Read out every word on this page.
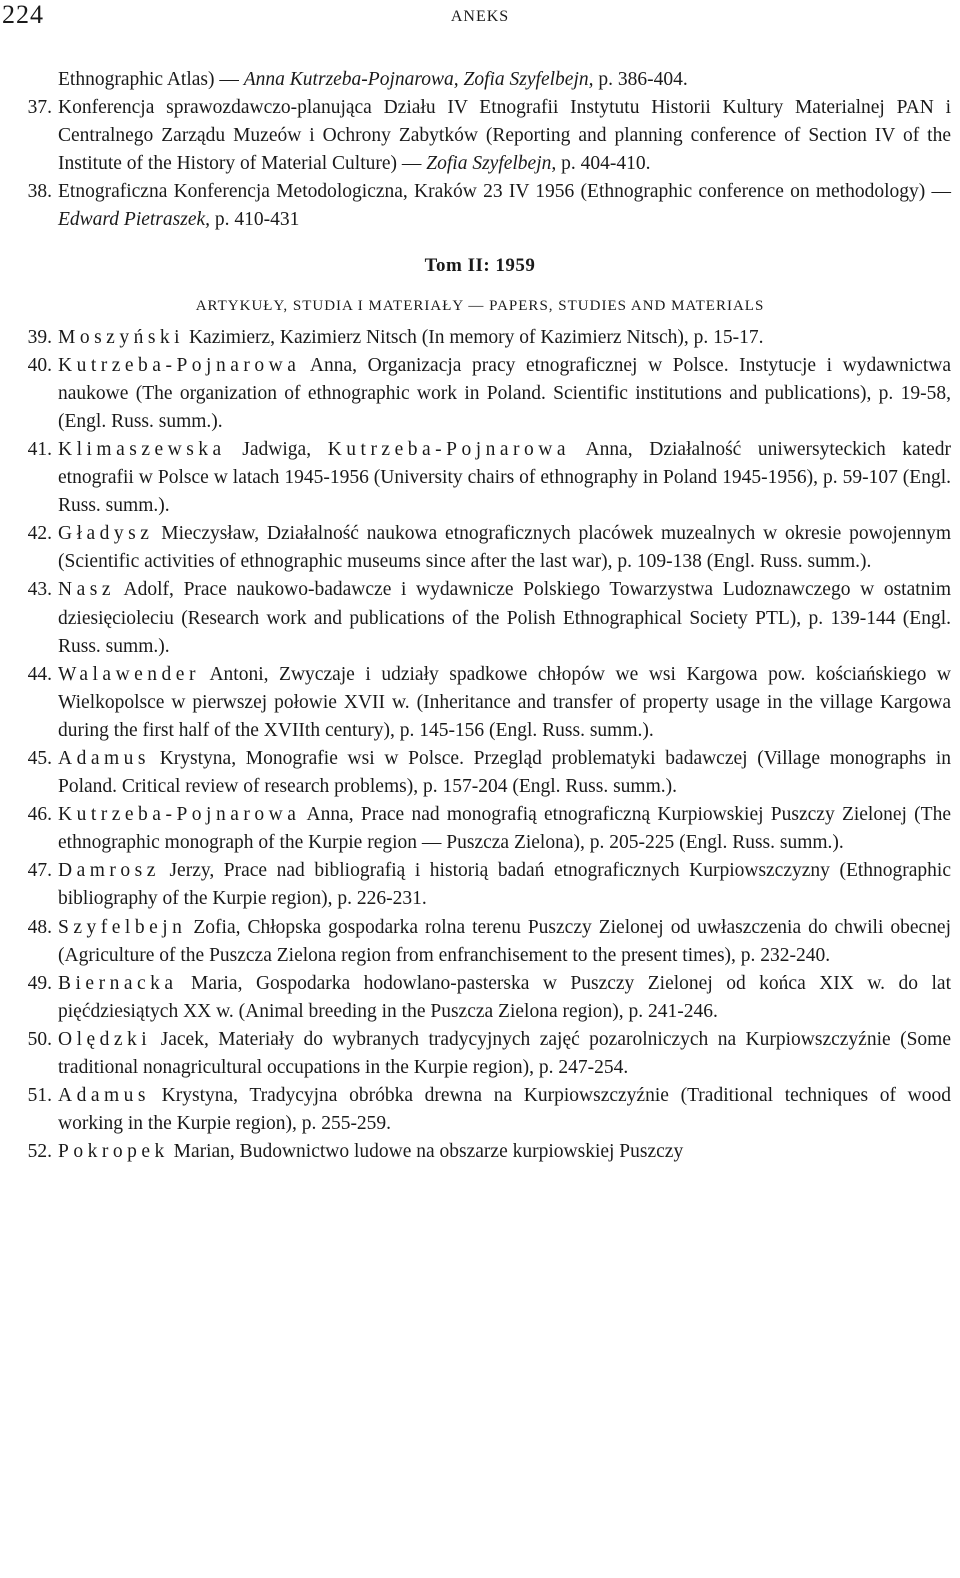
224	ANEKS
Ethnographic Atlas) — Anna Kutrzeba-Pojnarowa, Zofia Szyfelbejn, p. 386-404.
37. Konferencja sprawozdawczo-planująca Działu IV Etnografii Instytutu Historii Kultury Materialnej PAN i Centralnego Zarządu Muzeów i Ochrony Zabytków (Reporting and planning conference of Section IV of the Institute of the History of Material Culture) — Zofia Szyfelbejn, p. 404-410.
38. Etnograficzna Konferencja Metodologiczna, Kraków 23 IV 1956 (Ethnographic conference on methodology) — Edward Pietraszek, p. 410-431
Tom II: 1959
ARTYKUŁY, STUDIA I MATERIAŁY — PAPERS, STUDIES AND MATERIALS
39. Moszyński Kazimierz, Kazimierz Nitsch (In memory of Kazimierz Nitsch), p. 15-17.
40. Kutrzeba-Pojnarowa Anna, Organizacja pracy etnograficznej w Polsce. Instytucje i wydawnictwa naukowe (The organization of ethnographic work in Poland. Scientific institutions and publications), p. 19-58, (Engl. Russ. summ.).
41. Klimaszewska Jadwiga, Kutrzeba-Pojnarowa Anna, Działalność uniwersyteckich katedr etnografii w Polsce w latach 1945-1956 (University chairs of ethnography in Poland 1945-1956), p. 59-107 (Engl. Russ. summ.).
42. Gładysz Mieczysław, Działalność naukowa etnograficznych placówek muzealnych w okresie powojennym (Scientific activities of ethnographic museums since after the last war), p. 109-138 (Engl. Russ. summ.).
43. Nasz Adolf, Prace naukowo-badawcze i wydawnicze Polskiego Towarzystwa Ludoznawczego w ostatnim dziesięcioleciu (Research work and publications of the Polish Ethnographical Society PTL), p. 139-144 (Engl. Russ. summ.).
44. Walawender Antoni, Zwyczaje i udziały spadkowe chłopów we wsi Kargowa pow. kościańskiego w Wielkopolsce w pierwszej połowie XVII w. (Inheritance and transfer of property usage in the village Kargowa during the first half of the XVIIth century), p. 145-156 (Engl. Russ. summ.).
45. Adamus Krystyna, Monografie wsi w Polsce. Przegląd problematyki badawczej (Village monographs in Poland. Critical review of research problems), p. 157-204 (Engl. Russ. summ.).
46. Kutrzeba-Pojnarowa Anna, Prace nad monografią etnograficzną Kurpiowskiej Puszczy Zielonej (The ethnographic monograph of the Kurpie region — Puszcza Zielona), p. 205-225 (Engl. Russ. summ.).
47. Damrosz Jerzy, Prace nad bibliografią i historią badań etnograficznych Kurpiowszczyzny (Ethnographic bibliography of the Kurpie region), p. 226-231.
48. Szyfelbejn Zofia, Chłopska gospodarka rolna terenu Puszczy Zielonej od uwłaszczenia do chwili obecnej (Agriculture of the Puszcza Zielona region from enfranchisement to the present times), p. 232-240.
49. Biernacka Maria, Gospodarka hodowlano-pasterska w Puszczy Zielonej od końca XIX w. do lat pięćdziesiątych XX w. (Animal breeding in the Puszcza Zielona region), p. 241-246.
50. Olędzki Jacek, Materiały do wybranych tradycyjnych zajęć pozarolniczych na Kurpiowszczyźnie (Some traditional nonagricultural occupations in the Kurpie region), p. 247-254.
51. Adamus Krystyna, Tradycyjna obróbka drewna na Kurpiowszczyźnie (Traditional techniques of wood working in the Kurpie region), p. 255-259.
52. Pokropek Marian, Budownictwo ludowe na obszarze kurpiowskiej Puszczy
